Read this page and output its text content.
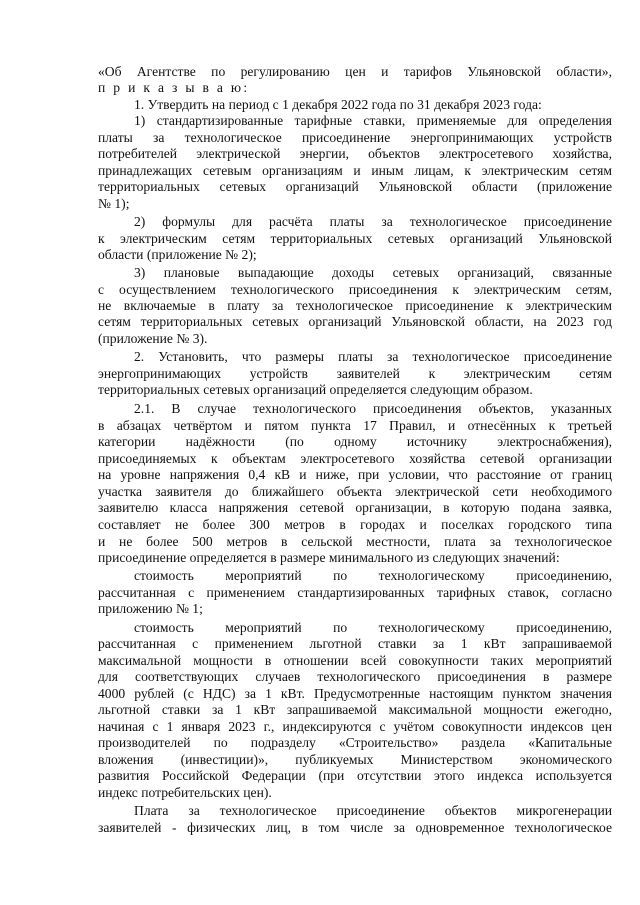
«Об Агентстве по регулированию цен и тарифов Ульяновской области»,
п р и к а з ы в а ю:
1. Утвердить на период с 1 декабря 2022 года по 31 декабря 2023 года:
1) стандартизированные тарифные ставки, применяемые для определения
платы за технологическое присоединение энергопринимающих устройств
потребителей электрической энергии, объектов электросетевого хозяйства,
принадлежащих сетевым организациям и иным лицам, к электрическим сетям
территориальных сетевых организаций Ульяновской области (приложение
№ 1);
2) формулы для расчёта платы за технологическое присоединение
к электрическим сетям территориальных сетевых организаций Ульяновской
области (приложение № 2);
3) плановые выпадающие доходы сетевых организаций, связанные
с осуществлением технологического присоединения к электрическим сетям,
не включаемые в плату за технологическое присоединение к электрическим
сетям территориальных сетевых организаций Ульяновской области, на 2023 год
(приложение № 3).
2. Установить, что размеры платы за технологическое присоединение
энергопринимающих устройств заявителей к электрическим сетям
территориальных сетевых организаций определяется следующим образом.
2.1. В случае технологического присоединения объектов, указанных
в абзацах четвёртом и пятом пункта 17 Правил, и отнесённых к третьей
категории надёжности (по одному источнику электроснабжения),
присоединяемых к объектам электросетевого хозяйства сетевой организации
на уровне напряжения 0,4 кВ и ниже, при условии, что расстояние от границ
участка заявителя до ближайшего объекта электрической сети необходимого
заявителю класса напряжения сетевой организации, в которую подана заявка,
составляет не более 300 метров в городах и поселках городского типа
и не более 500 метров в сельской местности, плата за технологическое
присоединение определяется в размере минимального из следующих значений:
стоимость мероприятий по технологическому присоединению,
рассчитанная с применением стандартизированных тарифных ставок, согласно
приложению № 1;
стоимость мероприятий по технологическому присоединению,
рассчитанная с применением льготной ставки за 1 кВт запрашиваемой
максимальной мощности в отношении всей совокупности таких мероприятий
для соответствующих случаев технологического присоединения в размере
4000 рублей (с НДС) за 1 кВт. Предусмотренные настоящим пунктом значения
льготной ставки за 1 кВт запрашиваемой максимальной мощности ежегодно,
начиная с 1 января 2023 г., индексируются с учётом совокупности индексов цен
производителей по подразделу «Строительство» раздела «Капитальные
вложения (инвестиции)», публикуемых Министерством экономического
развития Российской Федерации (при отсутствии этого индекса используется
индекс потребительских цен).
Плата за технологическое присоединение объектов микрогенерации
заявителей - физических лиц, в том числе за одновременное технологическое
